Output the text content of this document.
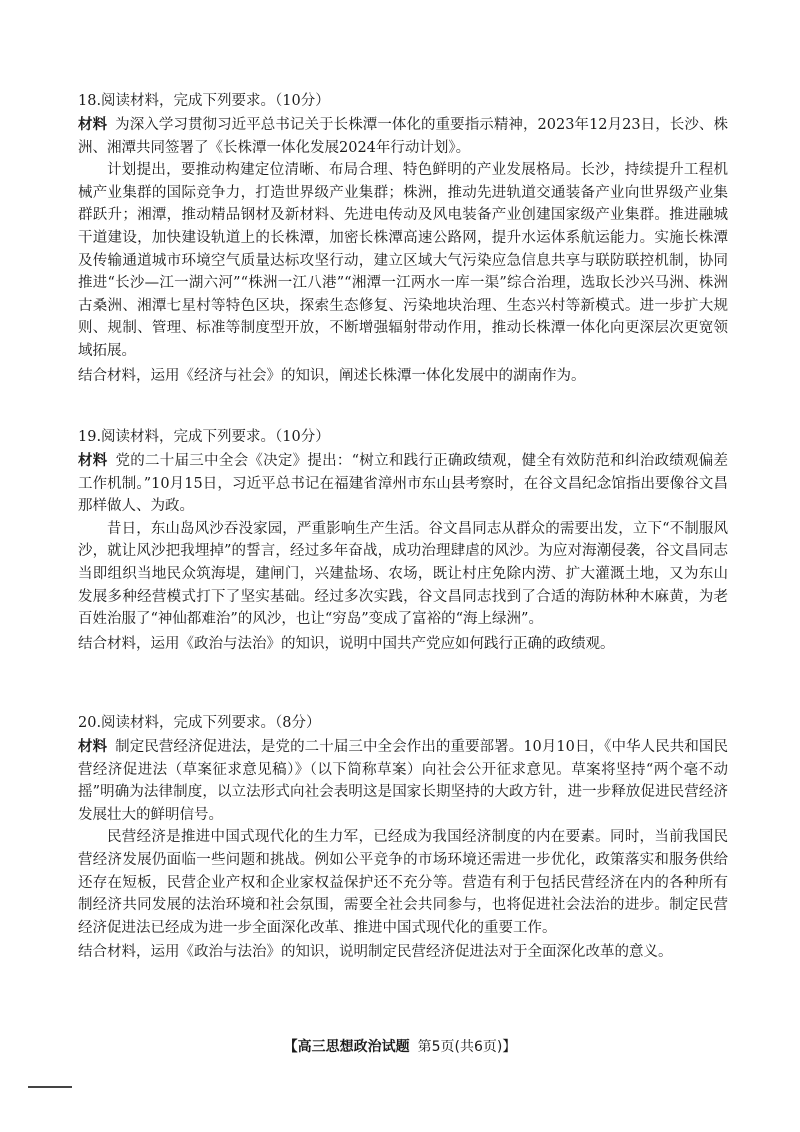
18.阅读材料，完成下列要求。（10分）

材料 为深入学习贯彻习近平总书记关于长株潭一体化的重要指示精神，2023年12月23日，长沙、株洲、湘潭共同签署了《长株潭一体化发展2024年行动计划》。

计划提出，要推动构建定位清晰、布局合理、特色鲜明的产业发展格局。长沙，持续提升工程机械产业集群的国际竞争力，打造世界级产业集群；株洲，推动先进轨道交通装备产业向世界级产业集群跃升；湘潭，推动精品钢材及新材料、先进电传动及风电装备产业创建国家级产业集群。推进融城干道建设，加快建设轨道上的长株潭，加密长株潭高速公路网，提升水运体系航运能力。实施长株潭及传输通道城市环境空气质量达标攻坚行动，建立区域大气污染应急信息共享与联防联控机制，协同推进“长沙—江一湖六河”“株洲一江八港”“湘潭一江两水一库一渠”综合治理，选取长沙兴马洲、株洲古桑洲、湘潭七星村等特色区块，探索生态修复、污染地块治理、生态兴村等新模式。进一步扩大规则、规制、管理、标准等制度型开放，不断增强辐射带动作用，推动长株潭一体化向更深层次更宽领域拓展。

结合材料，运用《经济与社会》的知识，阐述长株潭一体化发展中的湖南作为。

19.阅读材料，完成下列要求。（10分）

材料 党的二十届三中全会《决定》提出：“树立和践行正确政绩观，健全有效防范和纠治政绩观偏差工作机制。”10月15日，习近平总书记在福建省漳州市东山县考察时，在谷文昌纪念馆指出要像谷文昌那样做人、为政。

昔日，东山岛风沙吞没家园，严重影响生产生活。谷文昌同志从群众的需要出发，立下“不制服风沙，就让风沙把我埋掉”的誓言，经过多年奋战，成功治理肆虐的风沙。为应对海潮侵袭，谷文昌同志当即组织当地民众筑海堤，建闸门，兴建盐场、农场，既让村庄免除内涝、扩大灌溉土地，又为东山发展多种经营模式打下了坚实基础。经过多次实践，谷文昌同志找到了合适的海防林种木麻黄，为老百姓治服了“神仙都难治”的风沙，也让“穷岛”变成了富裕的“海上绿洲”。

结合材料，运用《政治与法治》的知识，说明中国共产党应如何践行正确的政绩观。

20.阅读材料，完成下列要求。（8分）

材料 制定民营经济促进法，是党的二十届三中全会作出的重要部署。10月10日，《中华人民共和国民营经济促进法（草案征求意见稿）》（以下简称草案）向社会公开征求意见。草案将坚持“两个毫不动摇”明确为法律制度，以立法形式向社会表明这是国家长期坚持的大政方针，进一步释放促进民营经济发展壮大的鲜明信号。

民营经济是推进中国式现代化的生力军，已经成为我国经济制度的内在要素。同时，当前我国民营经济发展仍面临一些问题和挑战。例如公平竞争的市场环境还需进一步优化，政策落实和服务供给还存在短板，民营企业产权和企业家权益保护还不充分等。营造有利于包括民营经济在内的各种所有制经济共同发展的法治环境和社会氛围，需要全社会共同参与，也将促进社会法治的进步。制定民营经济促进法已经成为进一步全面深化改革、推进中国式现代化的重要工作。

结合材料，运用《政治与法治》的知识，说明制定民营经济促进法对于全面深化改革的意义。

【高三思想政治试题 第5页(共6页)】
